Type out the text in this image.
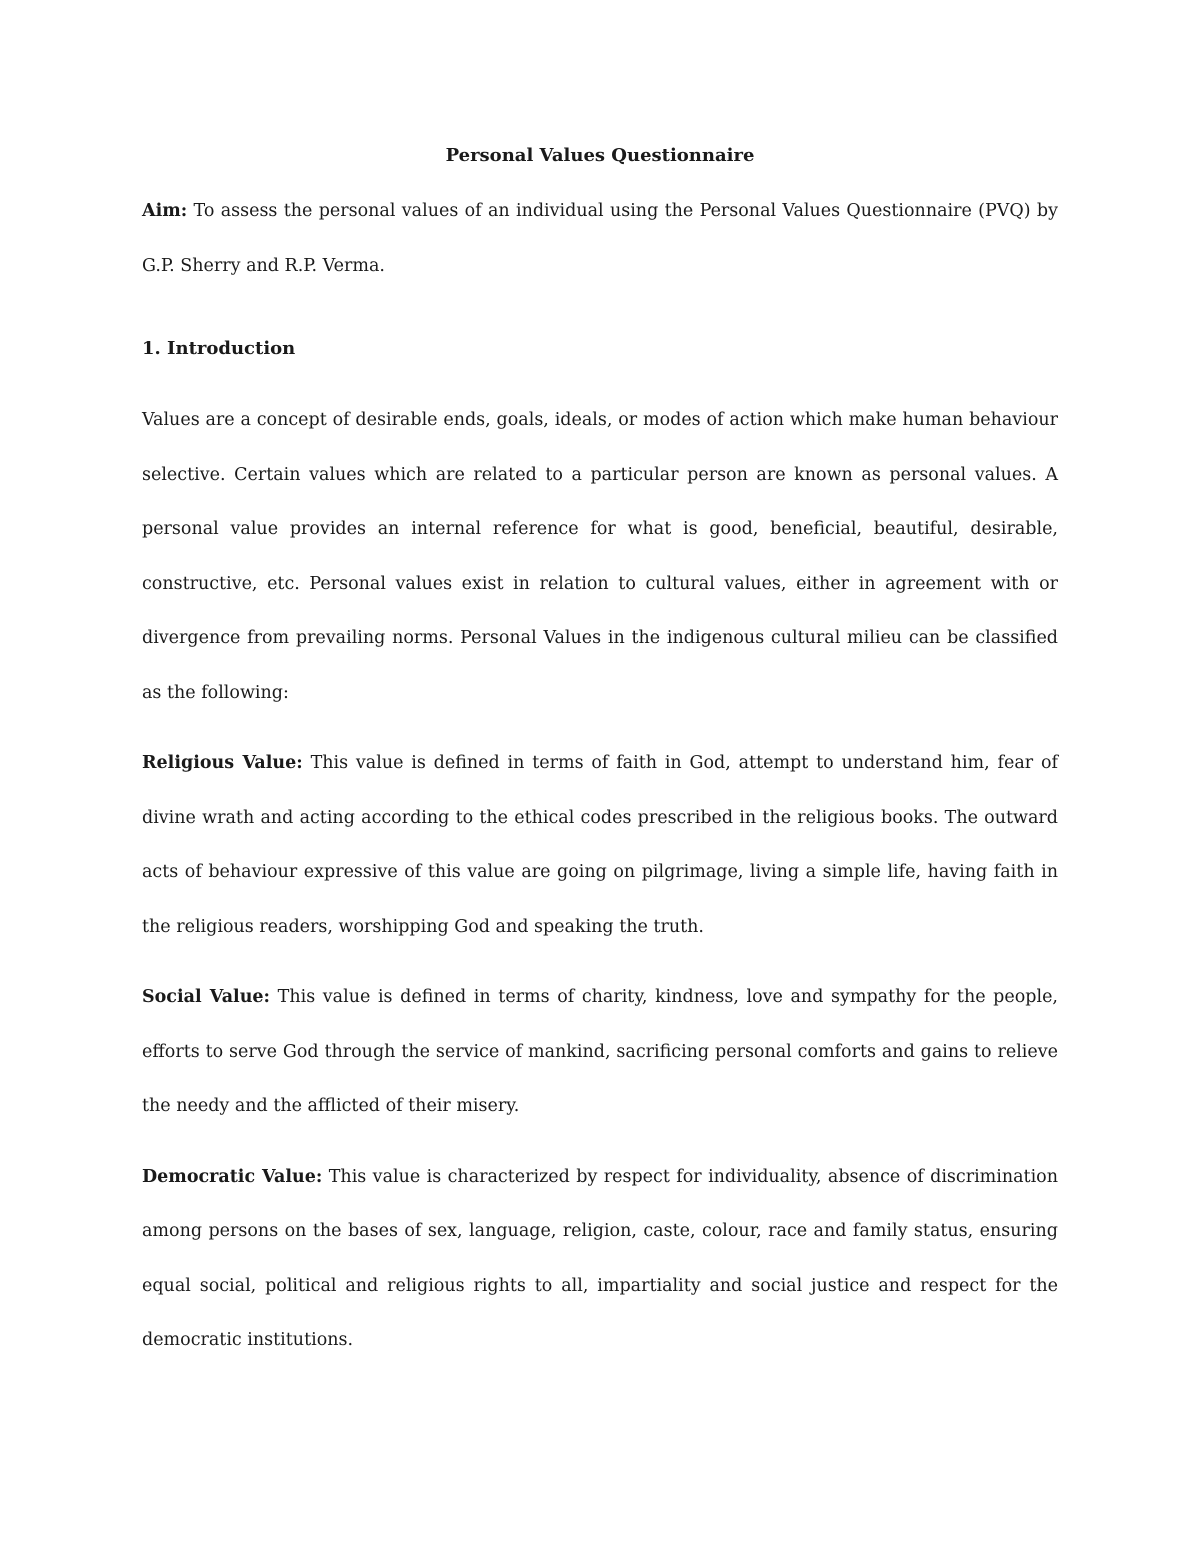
Personal Values Questionnaire

Aim: To assess the personal values of an individual using the Personal Values Questionnaire (PVQ) by G.P. Sherry and R.P. Verma.

1. Introduction

Values are a concept of desirable ends, goals, ideals, or modes of action which make human behaviour selective. Certain values which are related to a particular person are known as personal values. A personal value provides an internal reference for what is good, beneficial, beautiful, desirable, constructive, etc. Personal values exist in relation to cultural values, either in agreement with or divergence from prevailing norms. Personal Values in the indigenous cultural milieu can be classified as the following:

Religious Value: This value is defined in terms of faith in God, attempt to understand him, fear of divine wrath and acting according to the ethical codes prescribed in the religious books. The outward acts of behaviour expressive of this value are going on pilgrimage, living a simple life, having faith in the religious readers, worshipping God and speaking the truth.

Social Value: This value is defined in terms of charity, kindness, love and sympathy for the people, efforts to serve God through the service of mankind, sacrificing personal comforts and gains to relieve the needy and the afflicted of their misery.

Democratic Value: This value is characterized by respect for individuality, absence of discrimination among persons on the bases of sex, language, religion, caste, colour, race and family status, ensuring equal social, political and religious rights to all, impartiality and social justice and respect for the democratic institutions.
